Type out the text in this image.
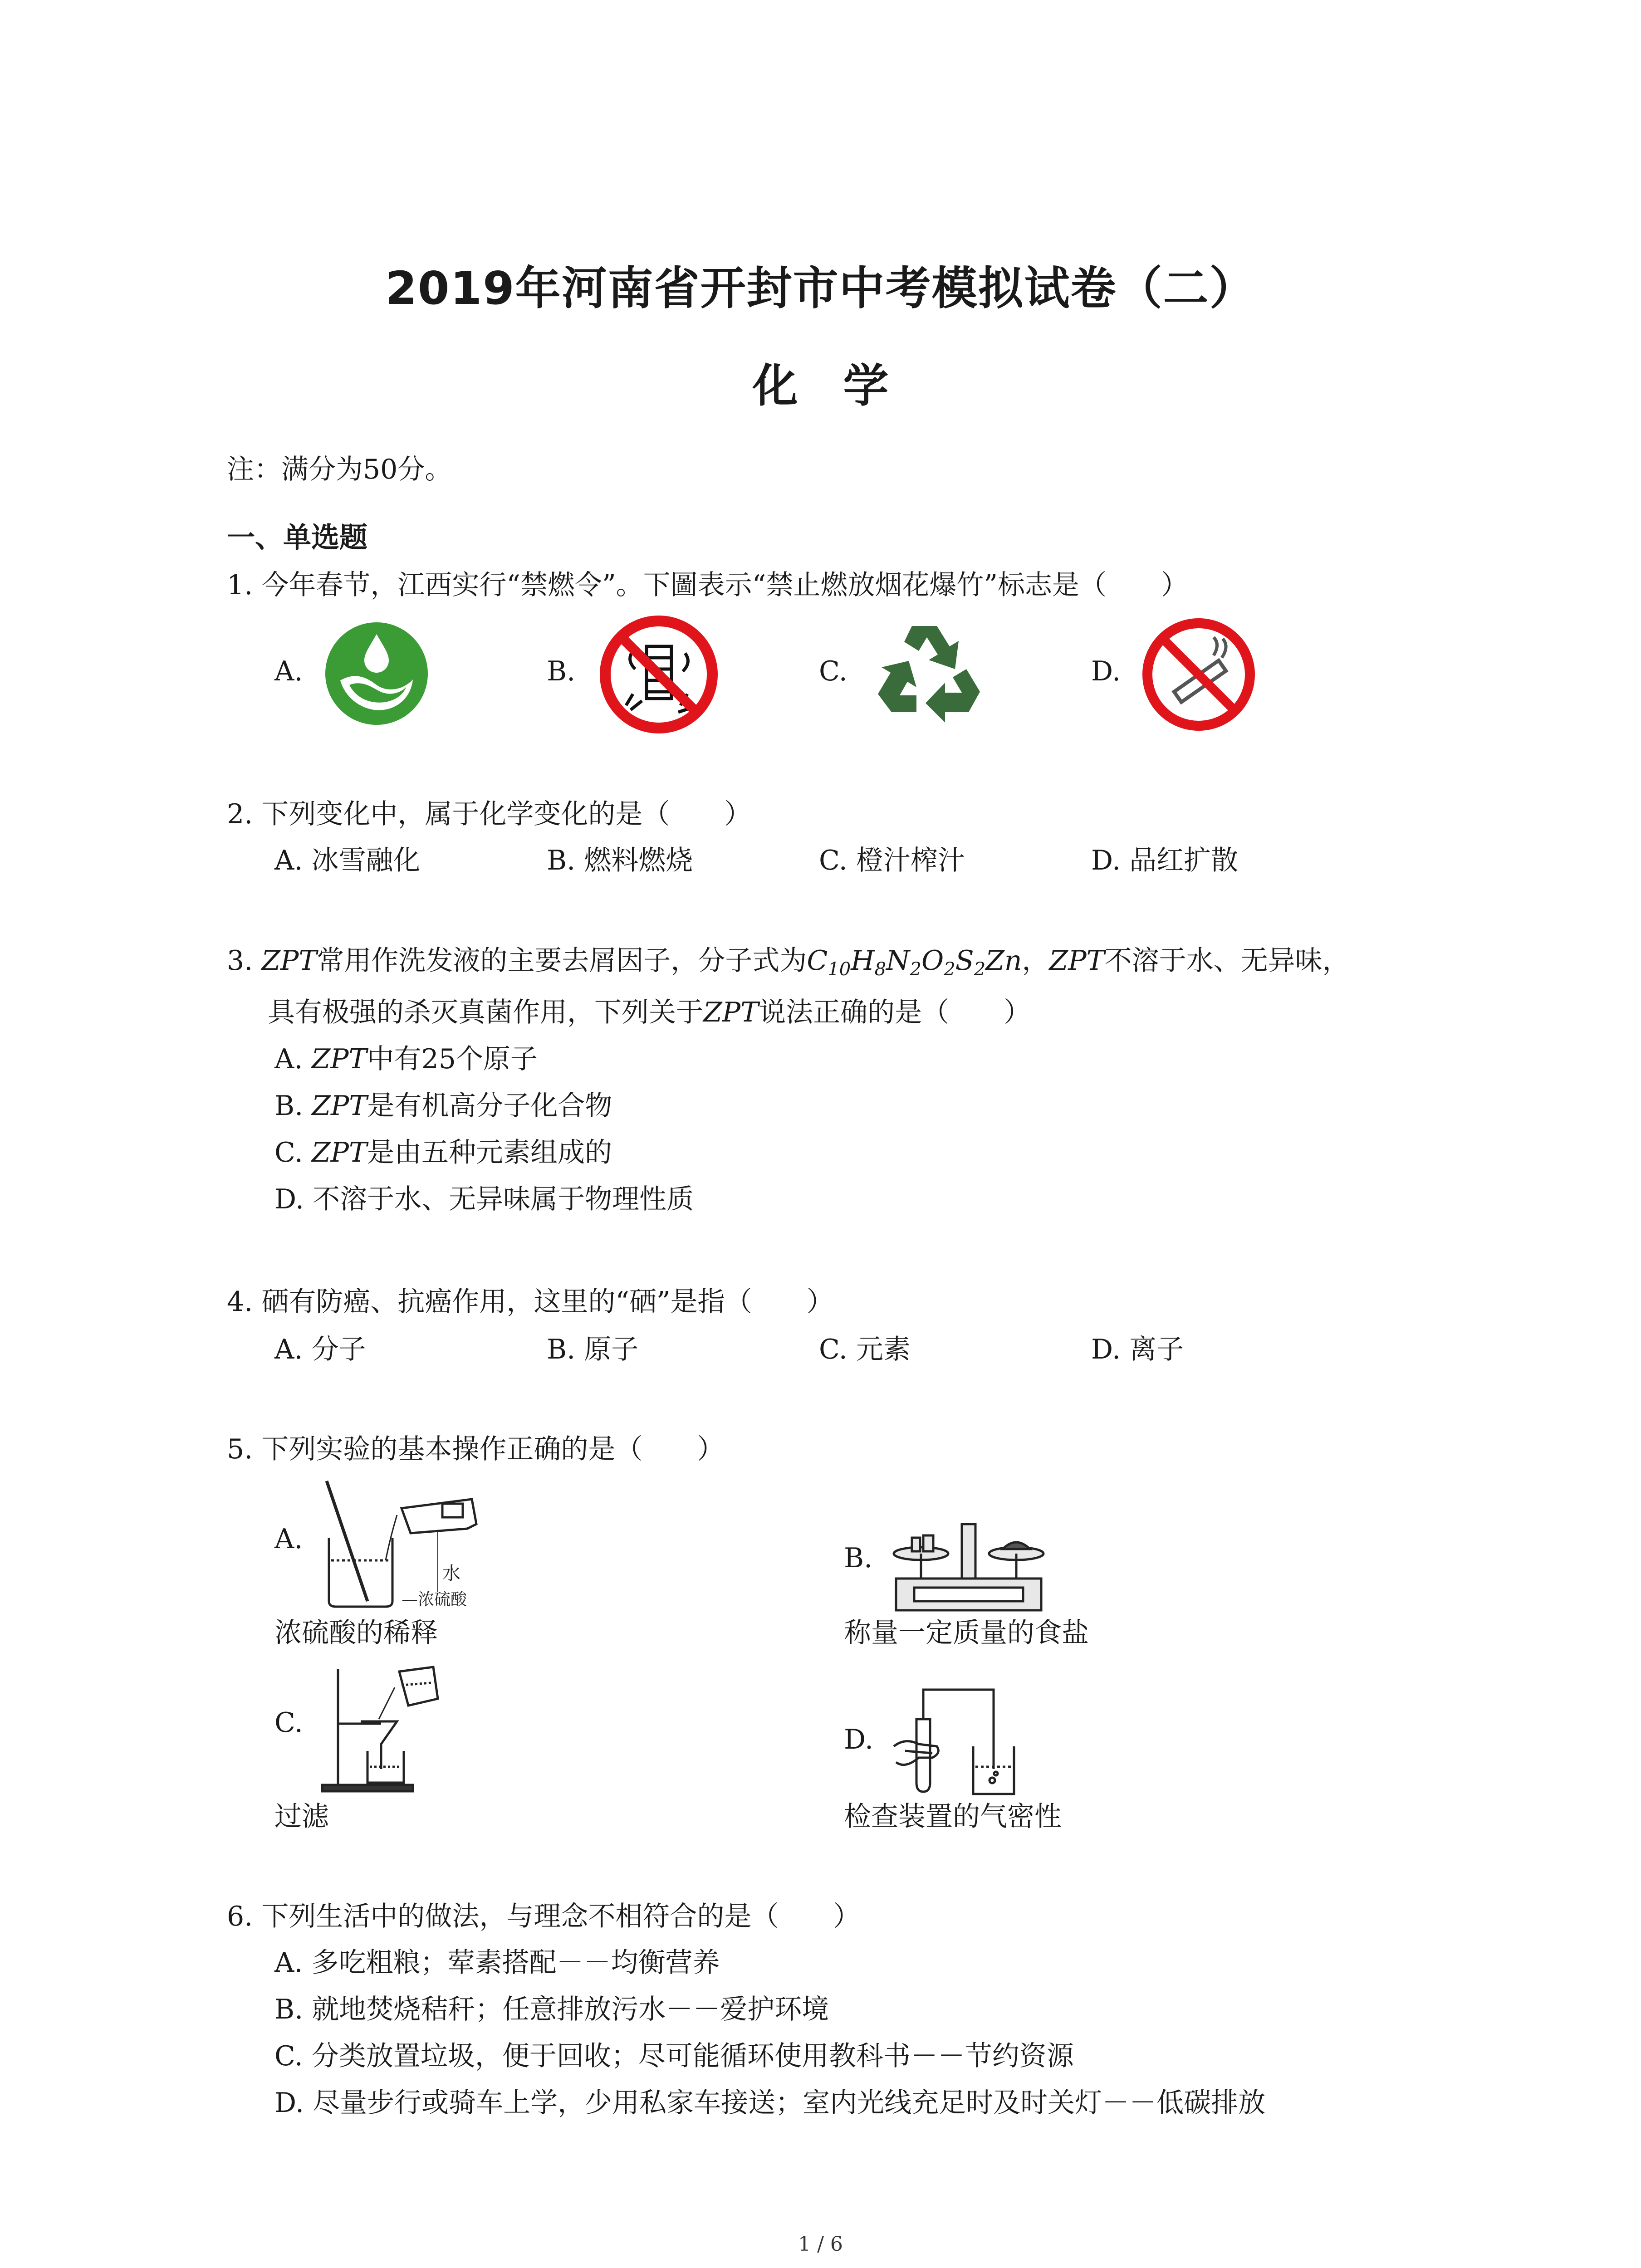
2019年河南省开封市中考模拟试卷（二）
化　学
注：满分为50分。
一、单选题
1. 今年春节，江西实行“禁燃令”。下圖表示“禁止燃放烟花爆竹”标志是（　　）
A.	B.	C.	D.
2. 下列变化中，属于化学变化的是（　　）
A. 冰雪融化	B. 燃料燃烧	C. 橙汁榨汁	D. 品红扩散
3. ZPT常用作洗发液的主要去屑因子，分子式为$C_{10}H_8N_2O_2S_2Zn$，ZPT不溶于水、无异味，
具有极强的杀灭真菌作用，下列关于ZPT说法正确的是（　　）
A. ZPT中有25个原子
B. ZPT是有机高分子化合物
C. ZPT是由五种元素组成的
D. 不溶于水、无异味属于物理性质
4. 硒有防癌、抗癌作用，这里的“硒”是指（　　）
A. 分子	B. 原子	C. 元素	D. 离子
5. 下列实验的基本操作正确的是（　　）
A.
水
—浓硫酸
浓硫酸的稀释
B.
称量一定质量的食盐
C.
过滤
D.
检查装置的气密性
6. 下列生活中的做法，与理念不相符合的是（　　）
A. 多吃粗粮；荤素搭配－－均衡营养
B. 就地焚烧秸秆；任意排放污水－－爱护环境
C. 分类放置垃圾，便于回收；尽可能循环使用教科书－－节约资源
D. 尽量步行或骑车上学，少用私家车接送；室内光线充足时及时关灯－－低碳排放
1 / 6
